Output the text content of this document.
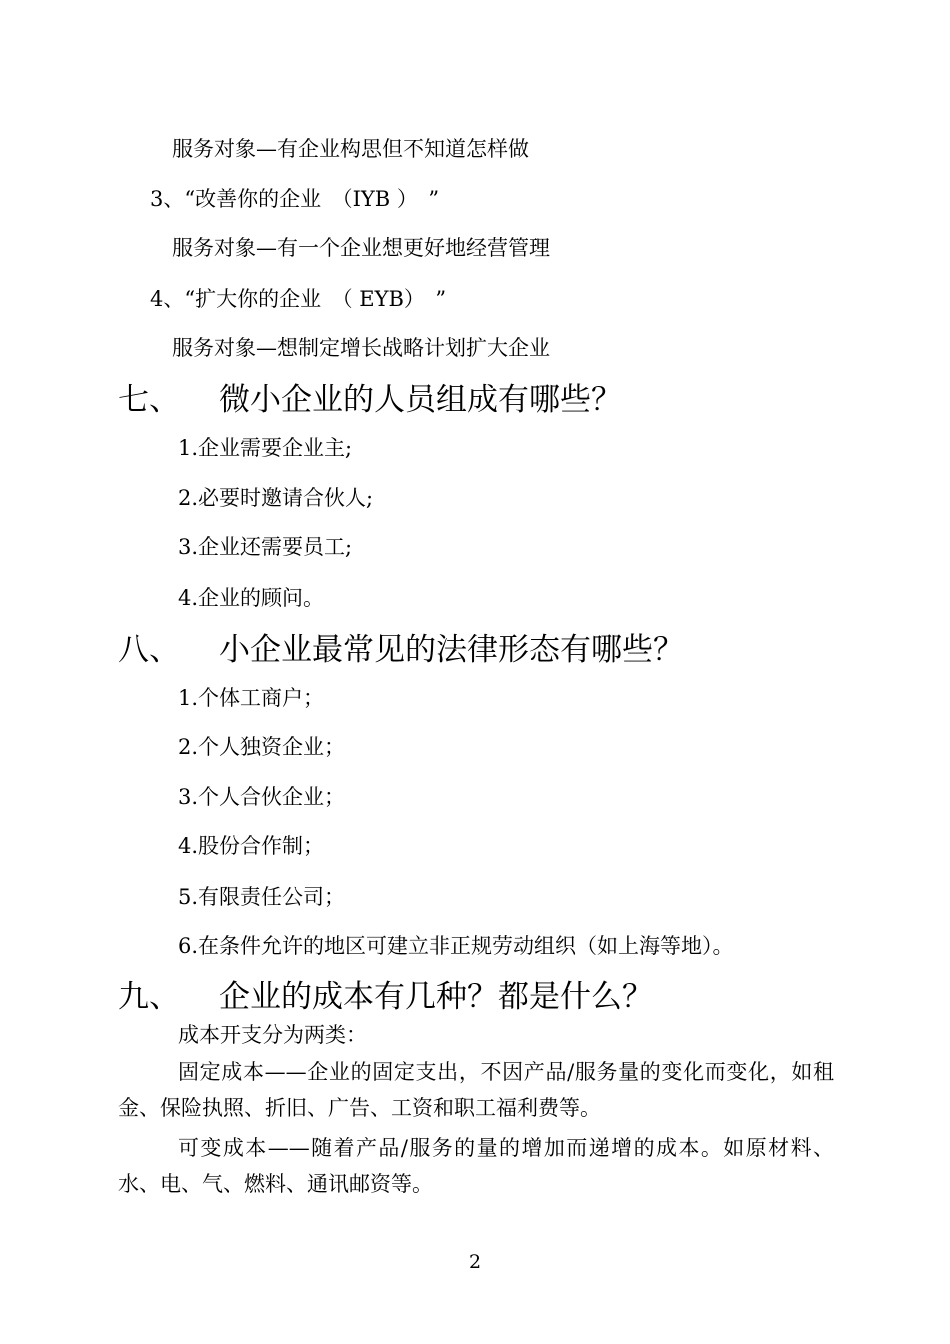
服务对象—有企业构思但不知道怎样做
3、“改善你的企业　（IYB ）　”
服务对象—有一个企业想更好地经营管理
4、“扩大你的企业　（ EYB）　”
服务对象—想制定增长战略计划扩大企业
七、 微小企业的人员组成有哪些？
1.企业需要企业主;
2.必要时邀请合伙人;
3.企业还需要员工;
4.企业的顾问。
八、 小企业最常见的法律形态有哪些？
1.个体工商户；
2.个人独资企业；
3.个人合伙企业；
4.股份合作制；
5.有限责任公司；
6.在条件允许的地区可建立非正规劳动组织（如上海等地）。
九、 企业的成本有几种？都是什么？
成本开支分为两类：
固定成本——企业的固定支出，不因产品/服务量的变化而变化，如租金、保险执照、折旧、广告、工资和职工福利费等。
可变成本——随着产品/服务的量的增加而递增的成本。如原材料、水、电、气、燃料、通讯邮资等。
2
